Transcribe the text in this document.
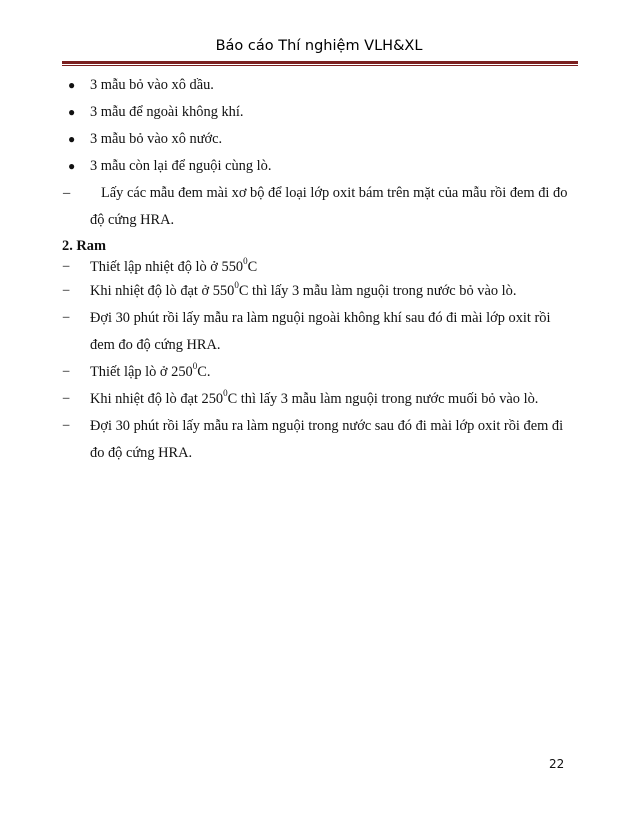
Báo cáo Thí nghiệm VLH&XL
● 3 mẫu bỏ vào xô dầu.
● 3 mẫu để ngoài không khí.
● 3 mẫu bỏ vào xô nước.
● 3 mẫu còn lại để nguội cùng lò.
– Lấy các mẫu đem mài xơ bộ để loại lớp oxit bám trên mặt của mẫu rồi đem đi đo độ cứng HRA.
2. Ram
− Thiết lập nhiệt độ lò ở $550^0C$
− Khi nhiệt độ lò đạt ở $550^0C$ thì lấy 3 mẫu làm nguội trong nước bỏ vào lò.
− Đợi 30 phút rồi lấy mẫu ra làm nguội ngoài không khí sau đó đi mài lớp oxit rồi đem đo độ cứng HRA.
− Thiết lập lò ở $250^0C$.
− Khi nhiệt độ lò đạt $250^0C$ thì lấy 3 mẫu làm nguội trong nước muối bỏ vào lò.
− Đợi 30 phút rồi lấy mẫu ra làm nguội trong nước sau đó đi mài lớp oxit rồi đem đi đo độ cứng HRA.
22
